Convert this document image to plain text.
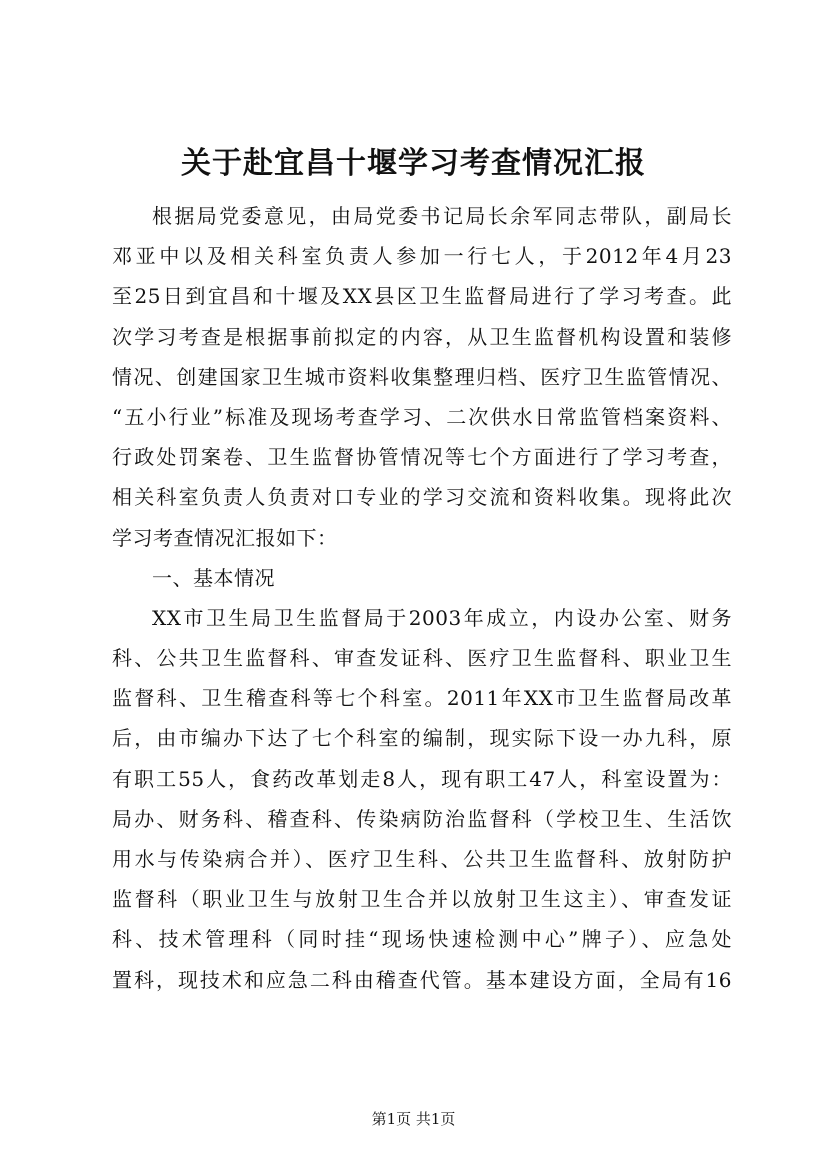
关于赴宜昌十堰学习考查情况汇报
根据局党委意见，由局党委书记局长余军同志带队，副局长
邓亚中以及相关科室负责人参加一行七人，于2012年4月23
至25日到宜昌和十堰及XX县区卫生监督局进行了学习考查。此
次学习考查是根据事前拟定的内容，从卫生监督机构设置和装修
情况、创建国家卫生城市资料收集整理归档、医疗卫生监管情况、
“五小行业”标准及现场考查学习、二次供水日常监管档案资料、
行政处罚案卷、卫生监督协管情况等七个方面进行了学习考查，
相关科室负责人负责对口专业的学习交流和资料收集。现将此次
学习考查情况汇报如下：
一、基本情况
XX市卫生局卫生监督局于2003年成立，内设办公室、财务
科、公共卫生监督科、审查发证科、医疗卫生监督科、职业卫生
监督科、卫生稽查科等七个科室。2011年XX市卫生监督局改革
后，由市编办下达了七个科室的编制，现实际下设一办九科，原
有职工55人，食药改革划走8人，现有职工47人，科室设置为：
局办、财务科、稽查科、传染病防治监督科（学校卫生、生活饮
用水与传染病合并）、医疗卫生科、公共卫生监督科、放射防护
监督科（职业卫生与放射卫生合并以放射卫生这主）、审查发证
科、技术管理科（同时挂“现场快速检测中心”牌子）、应急处
置科，现技术和应急二科由稽查代管。基本建设方面，全局有16
第1页 共1页
